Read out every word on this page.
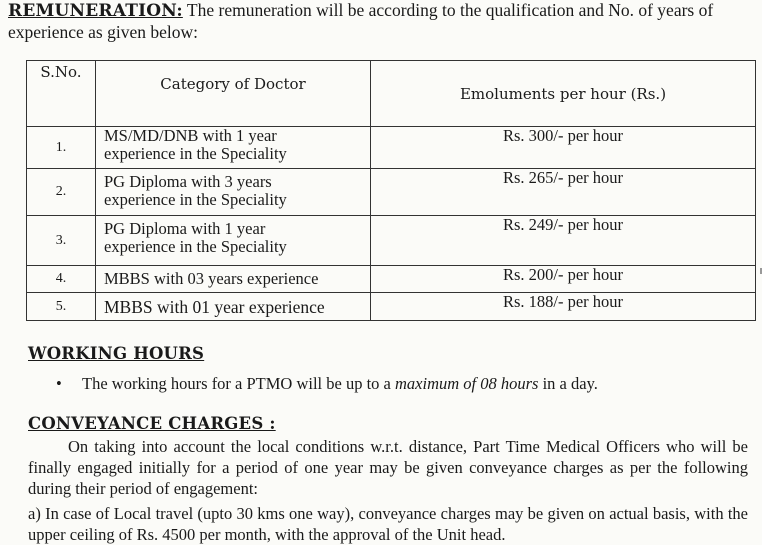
REMUNERATION: The remuneration will be according to the qualification and No. of years of experience as given below:
S.No.	Category of Doctor	Emoluments per hour (Rs.)

1.	MS/MD/DNB with 1 year
experience in the Speciality	Rs. 300/- per hour
2.	PG Diploma with 3 years
experience in the Speciality	Rs. 265/- per hour
3.	PG Diploma with 1 year
experience in the Speciality	Rs. 249/- per hour
4.	MBBS with 03 years experience	Rs. 200/- per hour
5.	MBBS with 01 year experience	Rs. 188/- per hour
WORKING HOURS
• The working hours for a PTMO will be up to a maximum of 08 hours in a day.
CONVEYANCE CHARGES :
On taking into account the local conditions w.r.t. distance, Part Time Medical Officers who will be finally engaged initially for a period of one year may be given conveyance charges as per the following during their period of engagement:
a) In case of Local travel (upto 30 kms one way), conveyance charges may be given on actual basis, with the upper ceiling of Rs. 4500 per month, with the approval of the Unit head.
